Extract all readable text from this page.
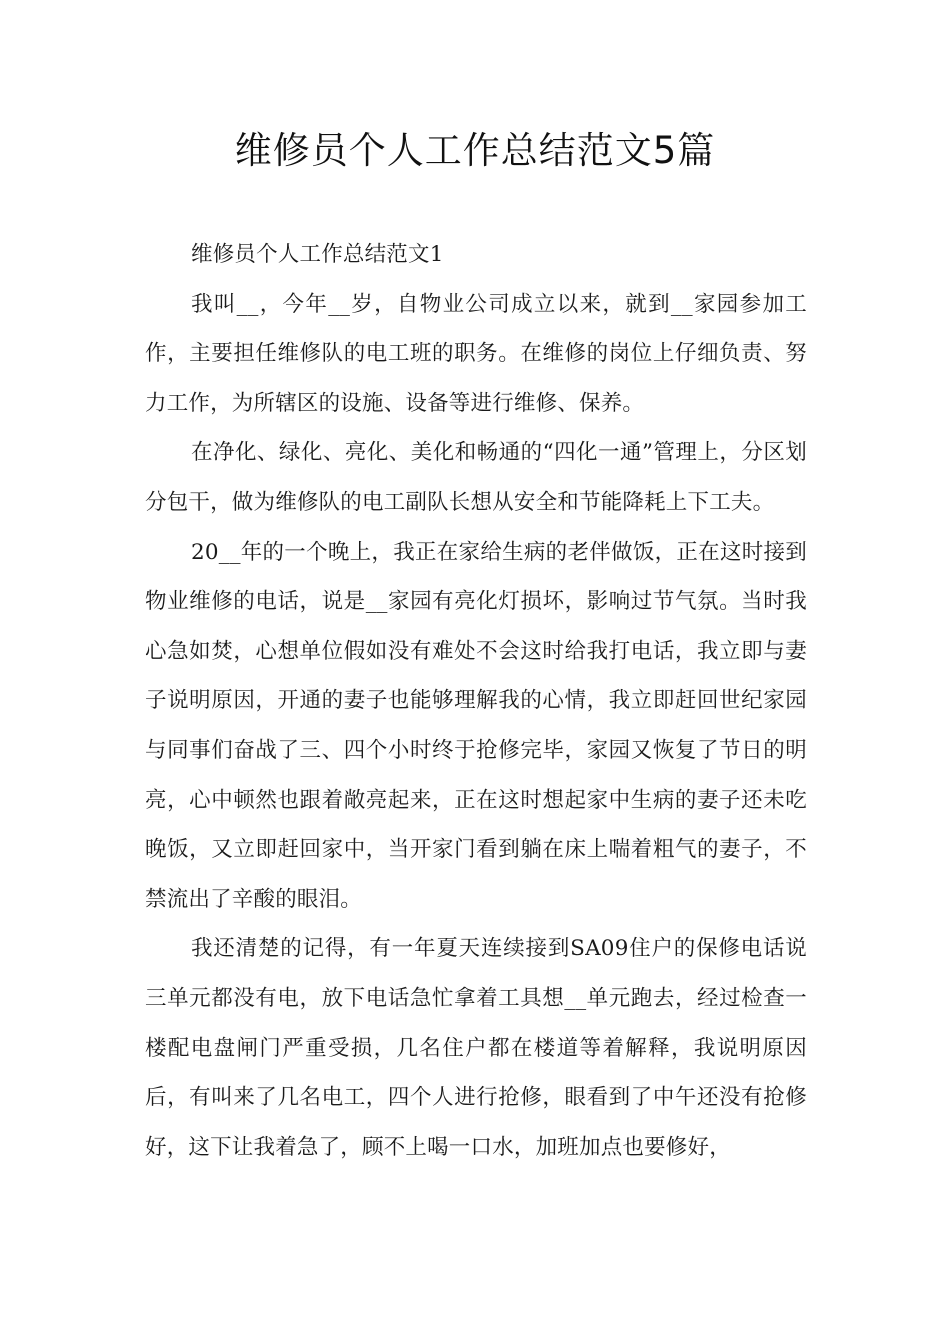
维修员个人工作总结范文5篇

维修员个人工作总结范文1

我叫__，今年__岁，自物业公司成立以来，就到__家园参加工作，主要担任维修队的电工班的职务。在维修的岗位上仔细负责、努力工作，为所辖区的设施、设备等进行维修、保养。

在净化、绿化、亮化、美化和畅通的“四化一通”管理上，分区划分包干，做为维修队的电工副队长想从安全和节能降耗上下工夫。

20__年的一个晚上，我正在家给生病的老伴做饭，正在这时接到物业维修的电话，说是__家园有亮化灯损坏，影响过节气氛。当时我心急如焚，心想单位假如没有难处不会这时给我打电话，我立即与妻子说明原因，开通的妻子也能够理解我的心情，我立即赶回世纪家园与同事们奋战了三、四个小时终于抢修完毕，家园又恢复了节日的明亮，心中顿然也跟着敞亮起来，正在这时想起家中生病的妻子还未吃晚饭，又立即赶回家中，当开家门看到躺在床上喘着粗气的妻子，不禁流出了辛酸的眼泪。

我还清楚的记得，有一年夏天连续接到SA09住户的保修电话说三单元都没有电，放下电话急忙拿着工具想__单元跑去，经过检查一楼配电盘闸门严重受损，几名住户都在楼道等着解释，我说明原因后，有叫来了几名电工，四个人进行抢修，眼看到了中午还没有抢修好，这下让我着急了，顾不上喝一口水，加班加点也要修好，
